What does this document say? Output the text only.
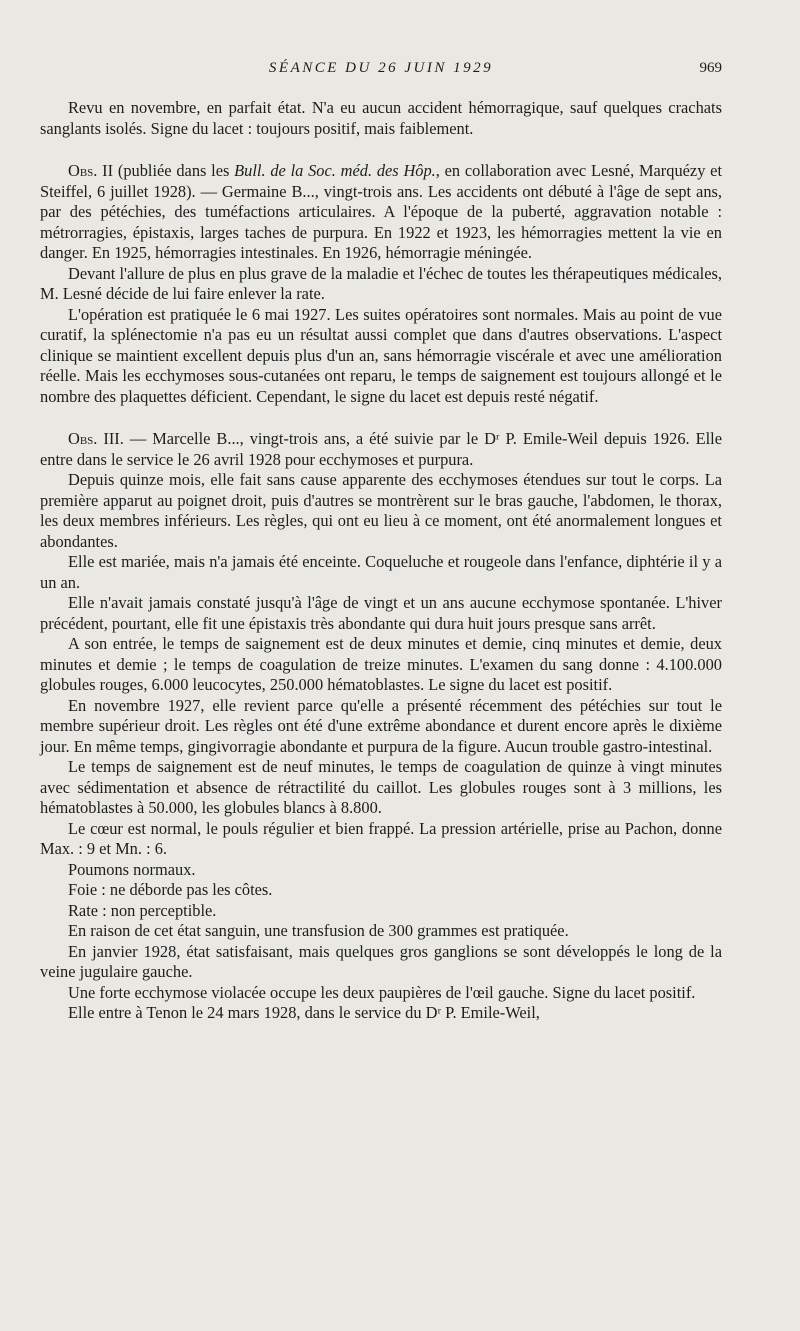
SÉANCE DU 26 JUIN 1929	969

Revu en novembre, en parfait état. N'a eu aucun accident hémorragique, sauf quelques crachats sanglants isolés. Signe du lacet : toujours positif, mais faiblement.

Obs. II (publiée dans les Bull. de la Soc. méd. des Hôp., en collaboration avec Lesné, Marquézy et Steiffel, 6 juillet 1928). — Germaine B..., vingt-trois ans. Les accidents ont débuté à l'âge de sept ans, par des pétéchies, des tuméfactions articulaires. A l'époque de la puberté, aggravation notable : métrorragies, épistaxis, larges taches de purpura. En 1922 et 1923, les hémorragies mettent la vie en danger. En 1925, hémorragies intestinales. En 1926, hémorragie méningée.

Devant l'allure de plus en plus grave de la maladie et l'échec de toutes les thérapeutiques médicales, M. Lesné décide de lui faire enlever la rate.

L'opération est pratiquée le 6 mai 1927. Les suites opératoires sont normales. Mais au point de vue curatif, la splénectomie n'a pas eu un résultat aussi complet que dans d'autres observations. L'aspect clinique se maintient excellent depuis plus d'un an, sans hémorragie viscérale et avec une amélioration réelle. Mais les ecchymoses sous-cutanées ont reparu, le temps de saignement est toujours allongé et le nombre des plaquettes déficient. Cependant, le signe du lacet est depuis resté négatif.

Obs. III. — Marcelle B..., vingt-trois ans, a été suivie par le Dʳ P. Emile-Weil depuis 1926. Elle entre dans le service le 26 avril 1928 pour ecchymoses et purpura.

Depuis quinze mois, elle fait sans cause apparente des ecchymoses étendues sur tout le corps. La première apparut au poignet droit, puis d'autres se montrèrent sur le bras gauche, l'abdomen, le thorax, les deux membres inférieurs. Les règles, qui ont eu lieu à ce moment, ont été anormalement longues et abondantes.

Elle est mariée, mais n'a jamais été enceinte. Coqueluche et rougeole dans l'enfance, diphtérie il y a un an.

Elle n'avait jamais constaté jusqu'à l'âge de vingt et un ans aucune ecchymose spontanée. L'hiver précédent, pourtant, elle fit une épistaxis très abondante qui dura huit jours presque sans arrêt.

A son entrée, le temps de saignement est de deux minutes et demie, cinq minutes et demie, deux minutes et demie ; le temps de coagulation de treize minutes. L'examen du sang donne : 4.100.000 globules rouges, 6.000 leucocytes, 250.000 hématoblastes. Le signe du lacet est positif.

En novembre 1927, elle revient parce qu'elle a présenté récemment des pétéchies sur tout le membre supérieur droit. Les règles ont été d'une extrême abondance et durent encore après le dixième jour. En même temps, gingivorragie abondante et purpura de la figure. Aucun trouble gastro-intestinal.

Le temps de saignement est de neuf minutes, le temps de coagulation de quinze à vingt minutes avec sédimentation et absence de rétractilité du caillot. Les globules rouges sont à 3 millions, les hématoblastes à 50.000, les globules blancs à 8.800.

Le cœur est normal, le pouls régulier et bien frappé. La pression artérielle, prise au Pachon, donne Max. : 9 et Mn. : 6.

Poumons normaux.

Foie : ne déborde pas les côtes.

Rate : non perceptible.

En raison de cet état sanguin, une transfusion de 300 grammes est pratiquée.

En janvier 1928, état satisfaisant, mais quelques gros ganglions se sont développés le long de la veine jugulaire gauche.

Une forte ecchymose violacée occupe les deux paupières de l'œil gauche. Signe du lacet positif.

Elle entre à Tenon le 24 mars 1928, dans le service du Dʳ P. Emile-Weil,
